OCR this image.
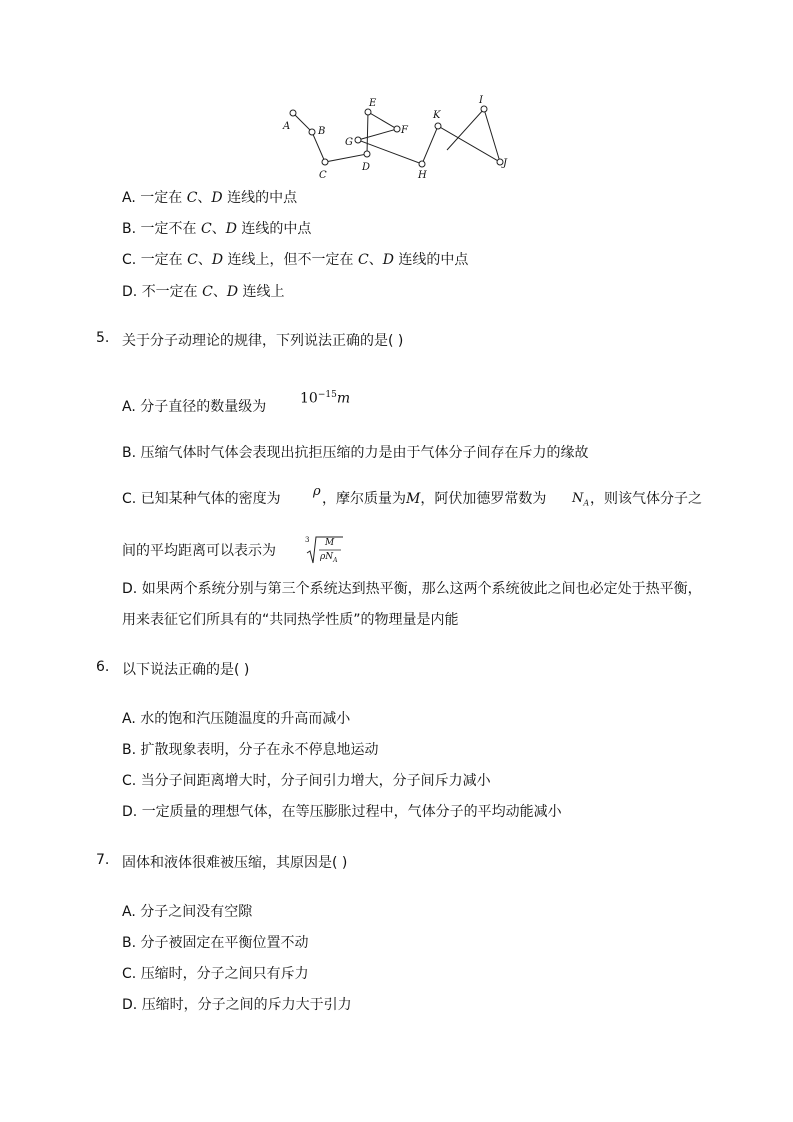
A	B
C
D
E
F
G
H
I
J
K
A. 一定在 C、D 连线的中点
B. 一定不在 C、D 连线的中点
C. 一定在 C、D 连线上，但不一定在 C、D 连线的中点
D. 不一定在 C、D 连线上
5. 关于分子动理论的规律，下列说法正确的是( )
A. 分子直径的数量级为
$10^{-15}m$
B. 压缩气体时气体会表现出抗拒压缩的力是由于气体分子间存在斥力的缘故
C. 已知某种气体的密度为 ρ ，摩尔质量为M，阿伏加德罗常数为 $N_A$ ，则该气体分子之
间的平均距离可以表示为
3 M
$\rho N_A$
D. 如果两个系统分别与第三个系统达到热平衡，那么这两个系统彼此之间也必定处于热平衡，
用来表征它们所具有的“共同热学性质”的物理量是内能
6. 以下说法正确的是( )
A. 水的饱和汽压随温度的升高而减小
B. 扩散现象表明，分子在永不停息地运动
C. 当分子间距离增大时，分子间引力增大，分子间斥力减小
D. 一定质量的理想气体，在等压膨胀过程中，气体分子的平均动能减小
7. 固体和液体很难被压缩，其原因是( )
A. 分子之间没有空隙
B. 分子被固定在平衡位置不动
C. 压缩时，分子之间只有斥力
D. 压缩时，分子之间的斥力大于引力
